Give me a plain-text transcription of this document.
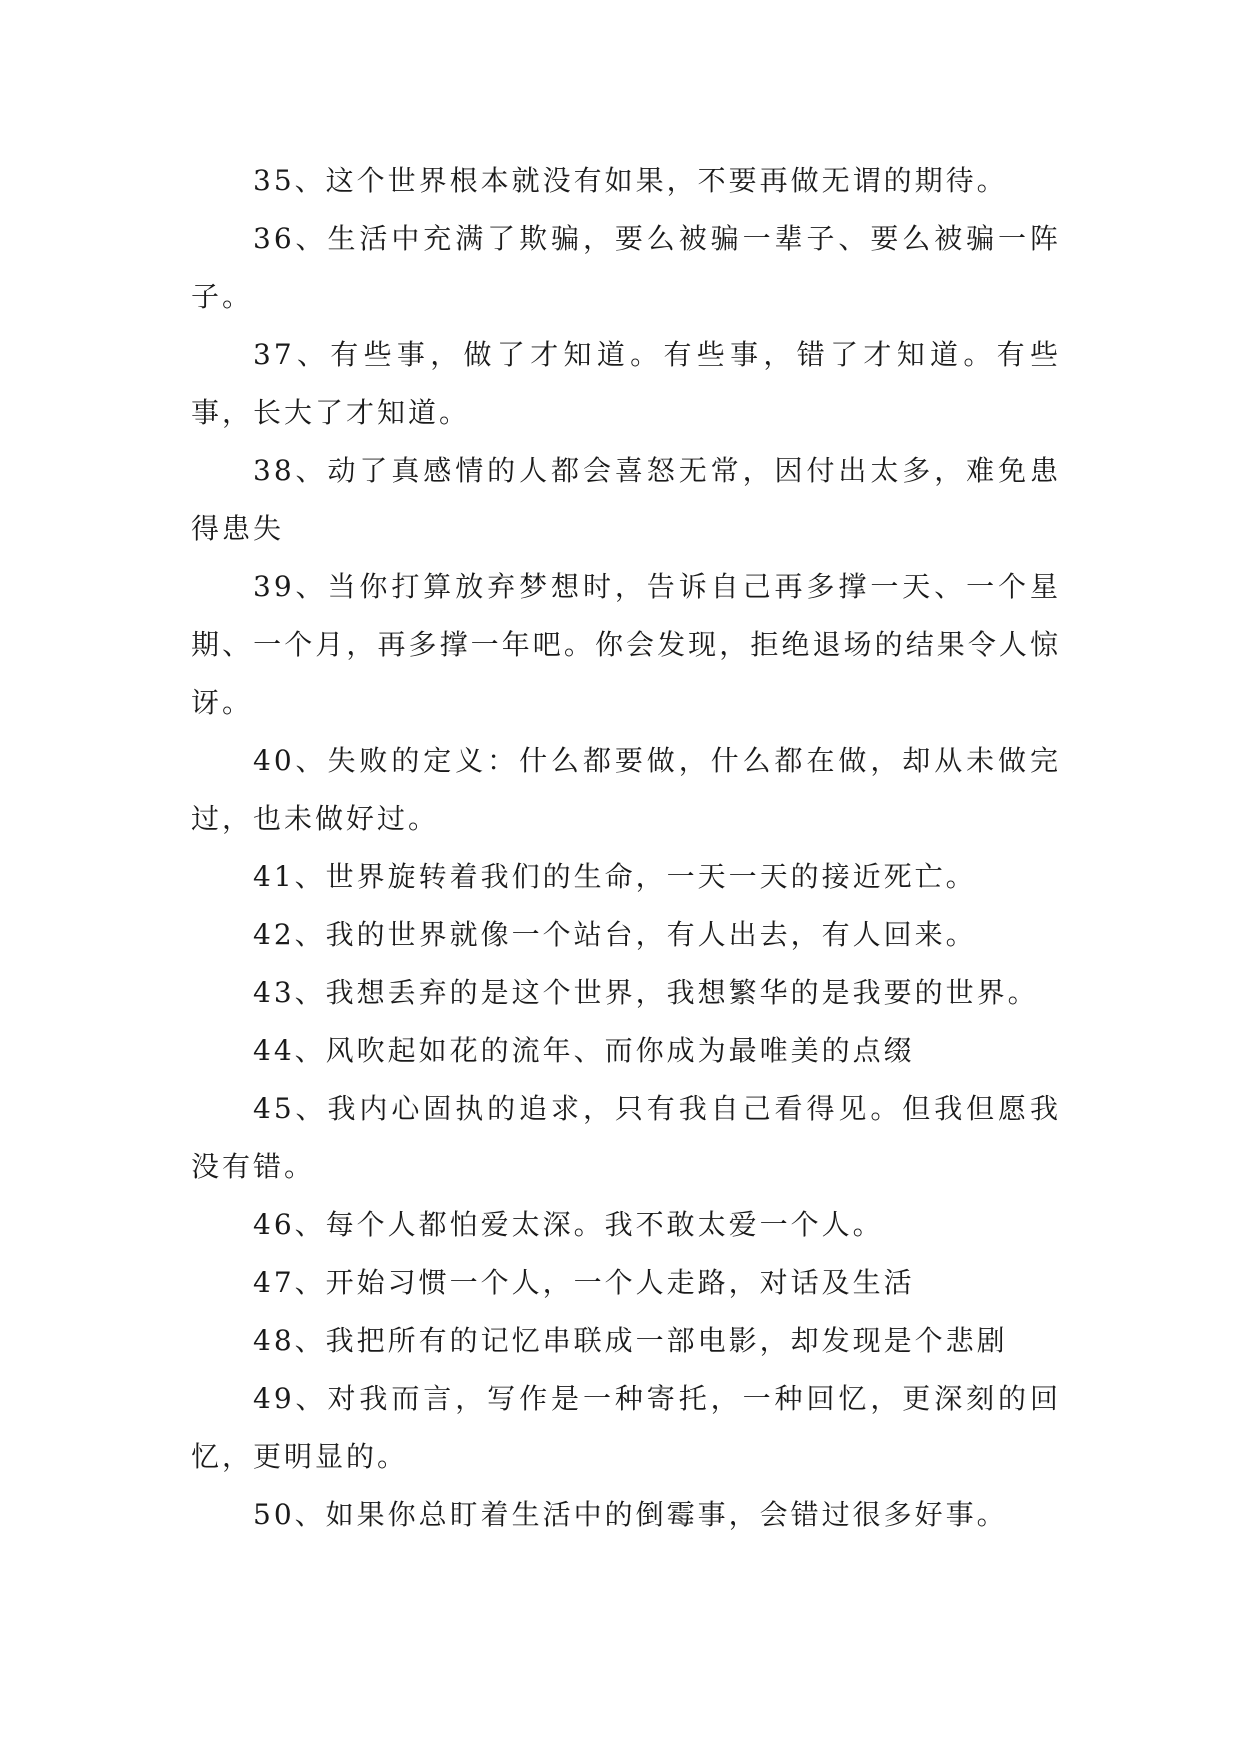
35、这个世界根本就没有如果，不要再做无谓的期待。

36、生活中充满了欺骗，要么被骗一辈子、要么被骗一阵子。

37、有些事，做了才知道。有些事，错了才知道。有些事，长大了才知道。

38、动了真感情的人都会喜怒无常，因付出太多，难免患得患失

39、当你打算放弃梦想时，告诉自己再多撑一天、一个星期、一个月，再多撑一年吧。你会发现，拒绝退场的结果令人惊讶。

40、失败的定义：什么都要做，什么都在做，却从未做完过，也未做好过。

41、世界旋转着我们的生命，一天一天的接近死亡。

42、我的世界就像一个站台，有人出去，有人回来。

43、我想丢弃的是这个世界，我想繁华的是我要的世界。

44、风吹起如花的流年、而你成为最唯美的点缀

45、我内心固执的追求，只有我自己看得见。但我但愿我没有错。

46、每个人都怕爱太深。我不敢太爱一个人。

47、开始习惯一个人，一个人走路，对话及生活

48、我把所有的记忆串联成一部电影，却发现是个悲剧

49、对我而言，写作是一种寄托，一种回忆，更深刻的回忆，更明显的。

50、如果你总盯着生活中的倒霉事，会错过很多好事。
